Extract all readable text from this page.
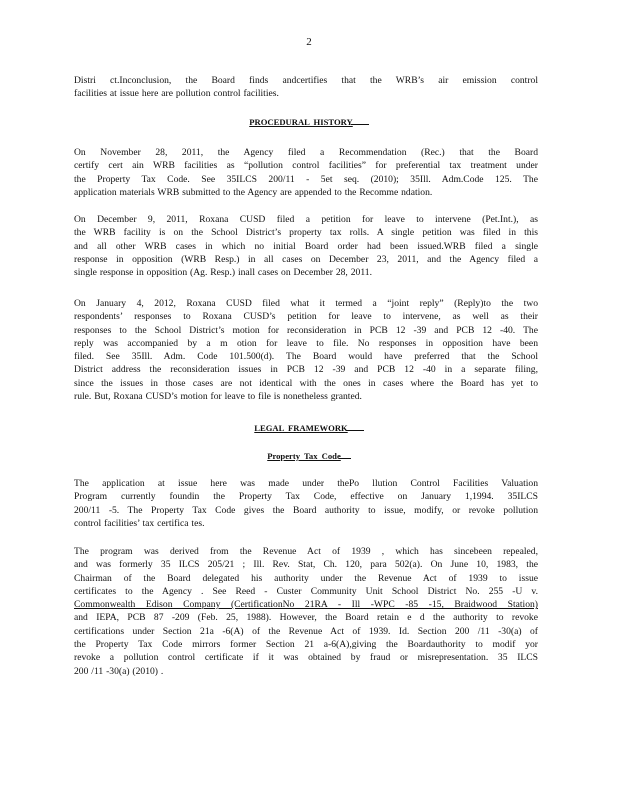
2
Distri ct.Inconclusion, the Board finds andcertifies that the WRB’s air emission control
facilities at issue here are pollution control facilities.
PROCEDURAL HISTORY
On November 28, 2011, the Agency filed a Recommendation (Rec.) that the Board
certify cert ain WRB facilities as “pollution control facilities” for preferential tax treatment under
the Property Tax Code. See 35ILCS 200/11 - 5et seq. (2010); 35Ill. Adm.Code 125. The
application materials WRB submitted to the Agency are appended to the Recomme ndation.
On December 9, 2011, Roxana CUSD filed a petition for leave to intervene (Pet.Int.), as
the WRB facility is on the School District’s property tax rolls. A single petition was filed in this
and all other WRB cases in which no initial Board order had been issued.WRB filed a single
response in opposition (WRB Resp.) in all cases on December 23, 2011, and the Agency filed a
single response in opposition (Ag. Resp.) inall cases on December 28, 2011.
On January 4, 2012, Roxana CUSD filed what it termed a “joint reply” (Reply)to the two
respondents’ responses to Roxana CUSD’s petition for leave to intervene, as well as their
responses to the School District’s motion for reconsideration in PCB 12 -39 and PCB 12 -40. The
reply was accompanied by a m otion for leave to file. No responses in opposition have been
filed. See 35Ill. Adm. Code 101.500(d). The Board would have preferred that the School
District address the reconsideration issues in PCB 12 -39 and PCB 12 -40 in a separate filing,
since the issues in those cases are not identical with the ones in cases where the Board has yet to
rule. But, Roxana CUSD’s motion for leave to file is nonetheless granted.
LEGAL FRAMEWORK
Property Tax Code
The application at issue here was made under thePo llution Control Facilities Valuation
Program currently foundin the Property Tax Code, effective on January 1,1994. 35ILCS
200/11 -5. The Property Tax Code gives the Board authority to issue, modify, or revoke pollution
control facilities’ tax certifica tes.
The program was derived from the Revenue Act of 1939 , which has sincebeen repealed,
and was formerly 35 ILCS 205/21 ; Ill. Rev. Stat, Ch. 120, para 502(a). On June 10, 1983, the
Chairman of the Board delegated his authority under the Revenue Act of 1939 to issue
certificates to the Agency . See Reed - Custer Community Unit School District No. 255 -U v.
Commonwealth Edison Company (CertificationNo 21RA - Ill -WPC -85 -15, Braidwood Station)
and IEPA, PCB 87 -209 (Feb. 25, 1988). However, the Board retain e d the authority to revoke
certifications under Section 21a -6(A) of the Revenue Act of 1939. Id. Section 200 /11 -30(a) of
the Property Tax Code mirrors former Section 21 a-6(A),giving the Boardauthority to modif yor
revoke a pollution control certificate if it was obtained by fraud or misrepresentation. 35 ILCS
200 /11 -30(a) (2010) .
